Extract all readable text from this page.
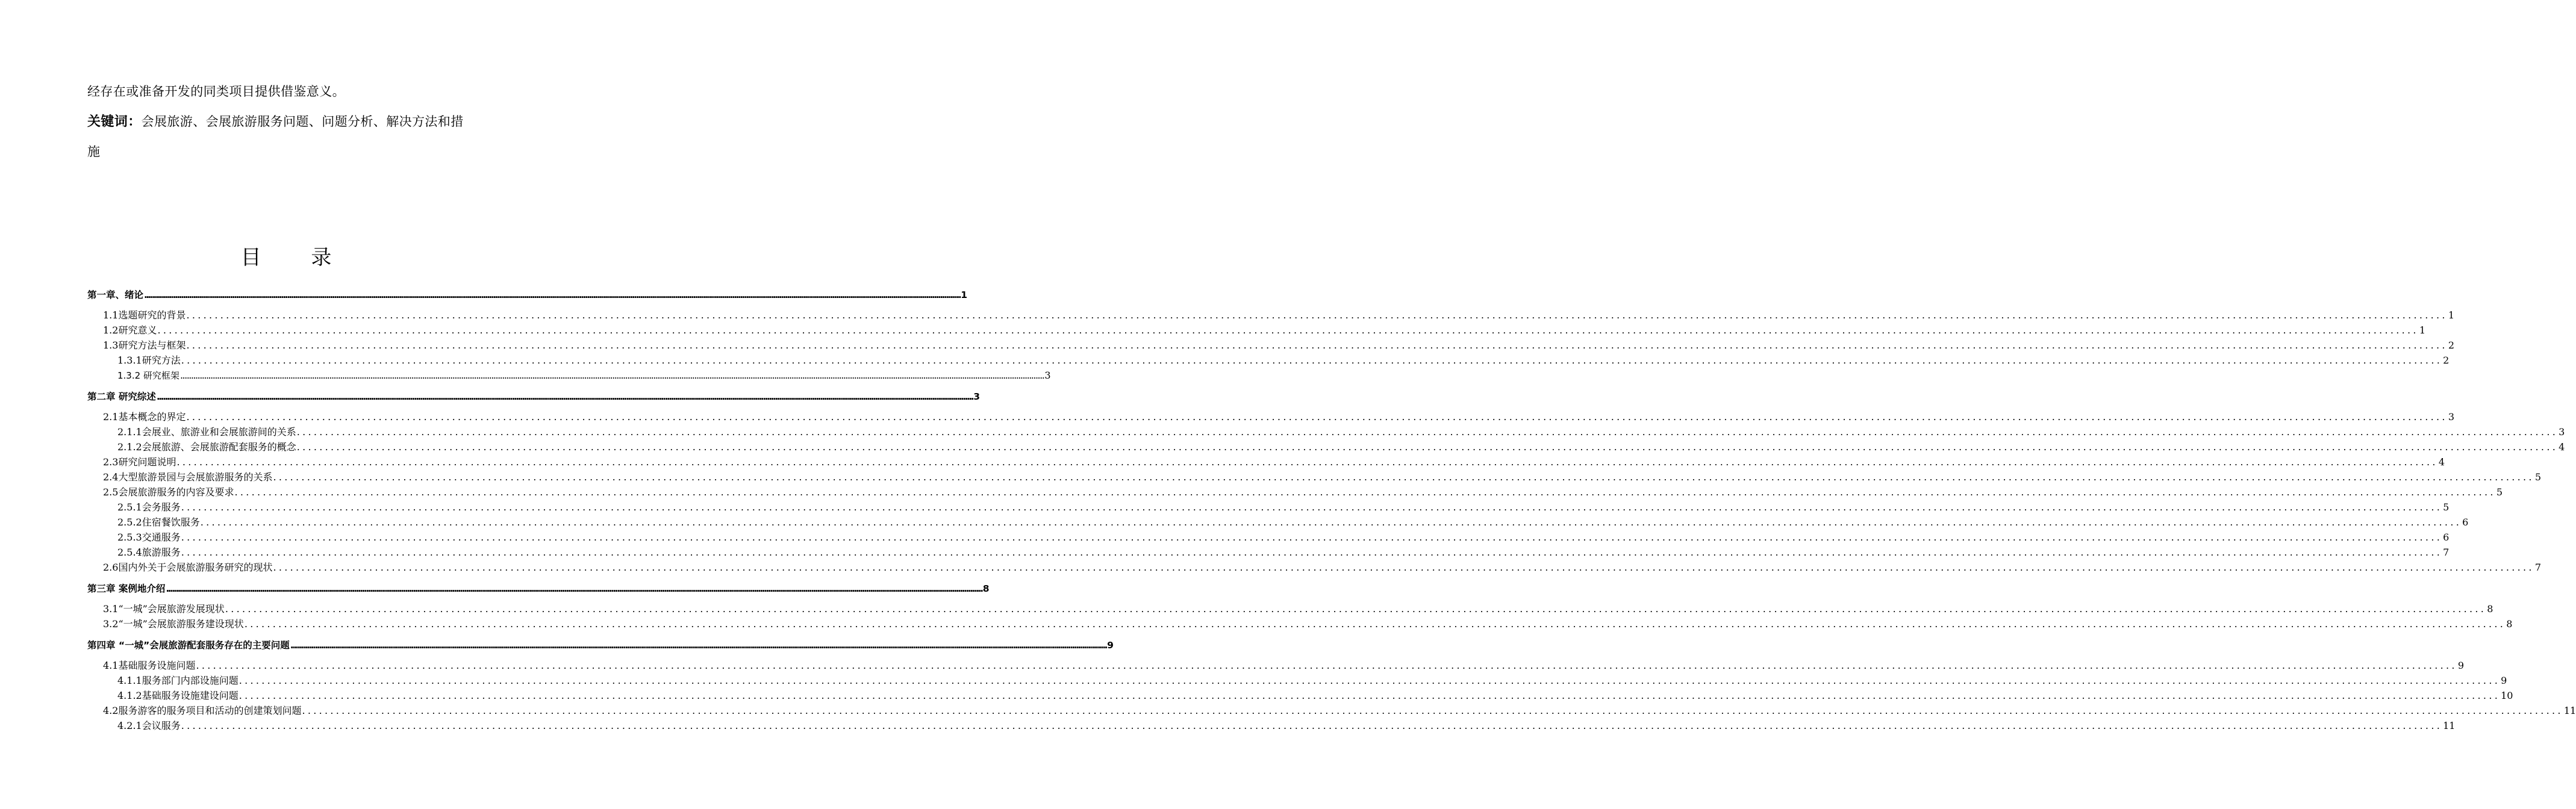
经存在或准备开发的同类项目提供借鉴意义。
关键词：会展旅游、会展旅游服务问题、问题分析、解决方法和措
施
目 录
第一章、绪论 ................................................................................................................................................................................................................................................................................................................................................................................................................ 1
1.1选题研究的背景 ................................................................................................................................................................................................................................................................................................................................................................................................................ 1
1.2研究意义 ................................................................................................................................................................................................................................................................................................................................................................................................................ 1
1.3研究方法与框架 ................................................................................................................................................................................................................................................................................................................................................................................................................ 2
1.3.1研究方法 ................................................................................................................................................................................................................................................................................................................................................................................................................ 2
1.3.2 研究框架 ................................................................................................................................................................................................................................................................................................................................................................................................................ 3
第二章 研究综述 ................................................................................................................................................................................................................................................................................................................................................................................................................ 3
2.1基本概念的界定 ................................................................................................................................................................................................................................................................................................................................................................................................................ 3
2.1.1会展业、旅游业和会展旅游间的关系 ................................................................................................................................................................................................................................................................................................................................................................................................................ 3
2.1.2会展旅游、会展旅游配套服务的概念 ................................................................................................................................................................................................................................................................................................................................................................................................................ 4
2.3研究问题说明 ................................................................................................................................................................................................................................................................................................................................................................................................................ 4
2.4大型旅游景园与会展旅游服务的关系 ................................................................................................................................................................................................................................................................................................................................................................................................................ 5
2.5会展旅游服务的内容及要求 ................................................................................................................................................................................................................................................................................................................................................................................................................ 5
2.5.1会务服务 ................................................................................................................................................................................................................................................................................................................................................................................................................ 5
2.5.2住宿餐饮服务 ................................................................................................................................................................................................................................................................................................................................................................................................................ 6
2.5.3交通服务 ................................................................................................................................................................................................................................................................................................................................................................................................................ 6
2.5.4旅游服务 ................................................................................................................................................................................................................................................................................................................................................................................................................ 7
2.6国内外关于会展旅游服务研究的现状 ................................................................................................................................................................................................................................................................................................................................................................................................................ 7
第三章 案例地介绍 ................................................................................................................................................................................................................................................................................................................................................................................................................ 8
3.1“一城”会展旅游发展现状 ................................................................................................................................................................................................................................................................................................................................................................................................................ 8
3.2“一城”会展旅游服务建设现状 ................................................................................................................................................................................................................................................................................................................................................................................................................ 8
第四章 “一城”会展旅游配套服务存在的主要问题 ................................................................................................................................................................................................................................................................................................................................................................................................................ 9
4.1基础服务设施问题 ................................................................................................................................................................................................................................................................................................................................................................................................................ 9
4.1.1服务部门内部设施问题 ................................................................................................................................................................................................................................................................................................................................................................................................................ 9
4.1.2基础服务设施建设问题 ................................................................................................................................................................................................................................................................................................................................................................................................................ 10
4.2服务游客的服务项目和活动的创建策划问题 ................................................................................................................................................................................................................................................................................................................................................................................................................ 11
4.2.1会议服务 ................................................................................................................................................................................................................................................................................................................................................................................................................ 11
